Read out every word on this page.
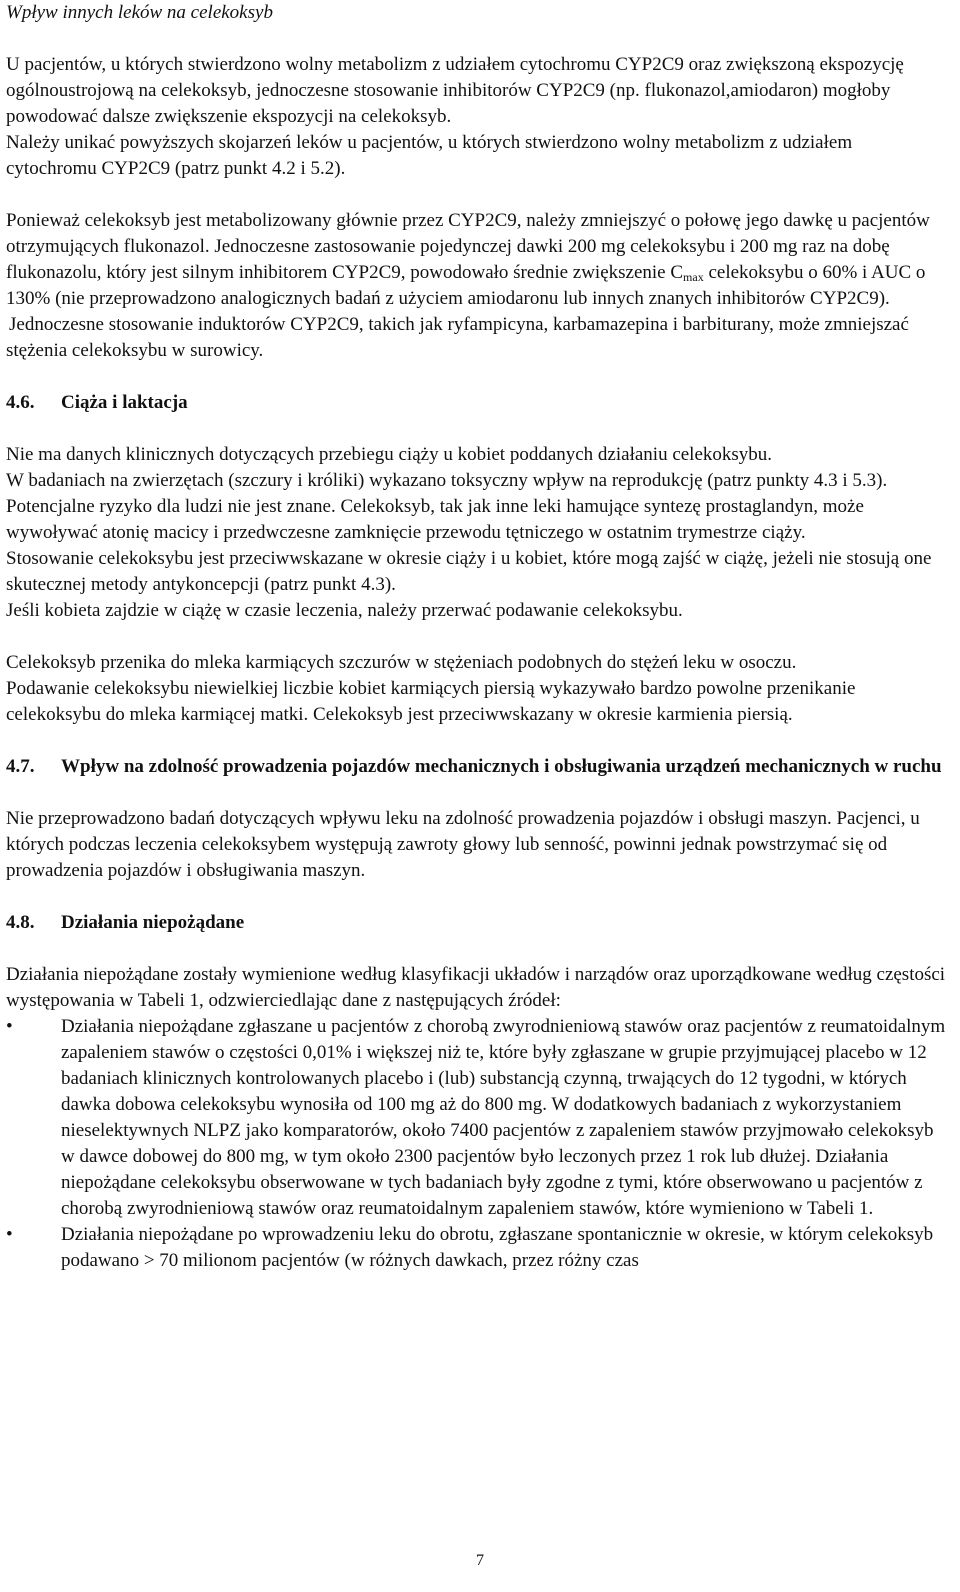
Wpływ innych leków na celekoksyb

U pacjentów, u których stwierdzono wolny metabolizm z udziałem cytochromu CYP2C9 oraz zwiększoną ekspozycję ogólnoustrojową na celekoksyb, jednoczesne stosowanie inhibitorów CYP2C9 (np. flukonazol,amiodaron) mogłoby powodować dalsze zwiększenie ekspozycji na celekoksyb.

Należy unikać powyższych skojarzeń leków u pacjentów, u których stwierdzono wolny metabolizm z udziałem cytochromu CYP2C9 (patrz punkt 4.2 i 5.2).

Ponieważ celekoksyb jest metabolizowany głównie przez CYP2C9, należy zmniejszyć o połowę jego dawkę u pacjentów otrzymujących flukonazol. Jednoczesne zastosowanie pojedynczej dawki 200 mg celekoksybu i 200 mg raz na dobę flukonazolu, który jest silnym inhibitorem CYP2C9, powodowało średnie zwiększenie $C_{max}$ celekoksybu o 60% i AUC o 130% (nie przeprowadzono analogicznych badań z użyciem amiodaronu lub innych znanych inhibitorów CYP2C9).

Jednoczesne stosowanie induktorów CYP2C9, takich jak ryfampicyna, karbamazepina i barbiturany, może zmniejszać stężenia celekoksybu w surowicy.

4.6.	Ciąża i laktacja

Nie ma danych klinicznych dotyczących przebiegu ciąży u kobiet poddanych działaniu celekoksybu.

W badaniach na zwierzętach (szczury i króliki) wykazano toksyczny wpływ na reprodukcję (patrz punkty 4.3 i 5.3). Potencjalne ryzyko dla ludzi nie jest znane. Celekoksyb, tak jak inne leki hamujące syntezę prostaglandyn, może wywoływać atonię macicy i przedwczesne zamknięcie przewodu tętniczego w ostatnim trymestrze ciąży.

Stosowanie celekoksybu jest przeciwwskazane w okresie ciąży i u kobiet, które mogą zajść w ciążę, jeżeli nie stosują one skutecznej metody antykoncepcji (patrz punkt 4.3).

Jeśli kobieta zajdzie w ciążę w czasie leczenia, należy przerwać podawanie celekoksybu.

Celekoksyb przenika do mleka karmiących szczurów w stężeniach podobnych do stężeń leku w osoczu.

Podawanie celekoksybu niewielkiej liczbie kobiet karmiących piersią wykazywało bardzo powolne przenikanie celekoksybu do mleka karmiącej matki. Celekoksyb jest przeciwwskazany w okresie karmienia piersią.

4.7.	Wpływ na zdolność prowadzenia pojazdów mechanicznych i obsługiwania urządzeń mechanicznych w ruchu

Nie przeprowadzono badań dotyczących wpływu leku na zdolność prowadzenia pojazdów i obsługi maszyn. Pacjenci, u których podczas leczenia celekoksybem występują zawroty głowy lub senność, powinni jednak powstrzymać się od prowadzenia pojazdów i obsługiwania maszyn.

4.8.	Działania niepożądane

Działania niepożądane zostały wymienione według klasyfikacji układów i narządów oraz uporządkowane według częstości występowania w Tabeli 1, odzwierciedlając dane z następujących źródeł:

•	Działania niepożądane zgłaszane u pacjentów z chorobą zwyrodnieniową stawów oraz pacjentów z reumatoidalnym zapaleniem stawów o częstości 0,01% i większej niż te, które były zgłaszane w grupie przyjmującej placebo w 12 badaniach klinicznych kontrolowanych placebo i (lub) substancją czynną, trwających do 12 tygodni, w których dawka dobowa celekoksybu wynosiła od 100 mg aż do 800 mg. W dodatkowych badaniach z wykorzystaniem nieselektywnych NLPZ jako komparatorów, około 7400 pacjentów z zapaleniem stawów przyjmowało celekoksyb w dawce dobowej do 800 mg, w tym około 2300 pacjentów było leczonych przez 1 rok lub dłużej. Działania niepożądane celekoksybu obserwowane w tych badaniach były zgodne z tymi, które obserwowano u pacjentów z chorobą zwyrodnieniową stawów oraz reumatoidalnym zapaleniem stawów, które wymieniono w Tabeli 1.
•	Działania niepożądane po wprowadzeniu leku do obrotu, zgłaszane spontanicznie w okresie, w którym celekoksyb podawano > 70 milionom pacjentów (w różnych dawkach, przez różny czas
7
